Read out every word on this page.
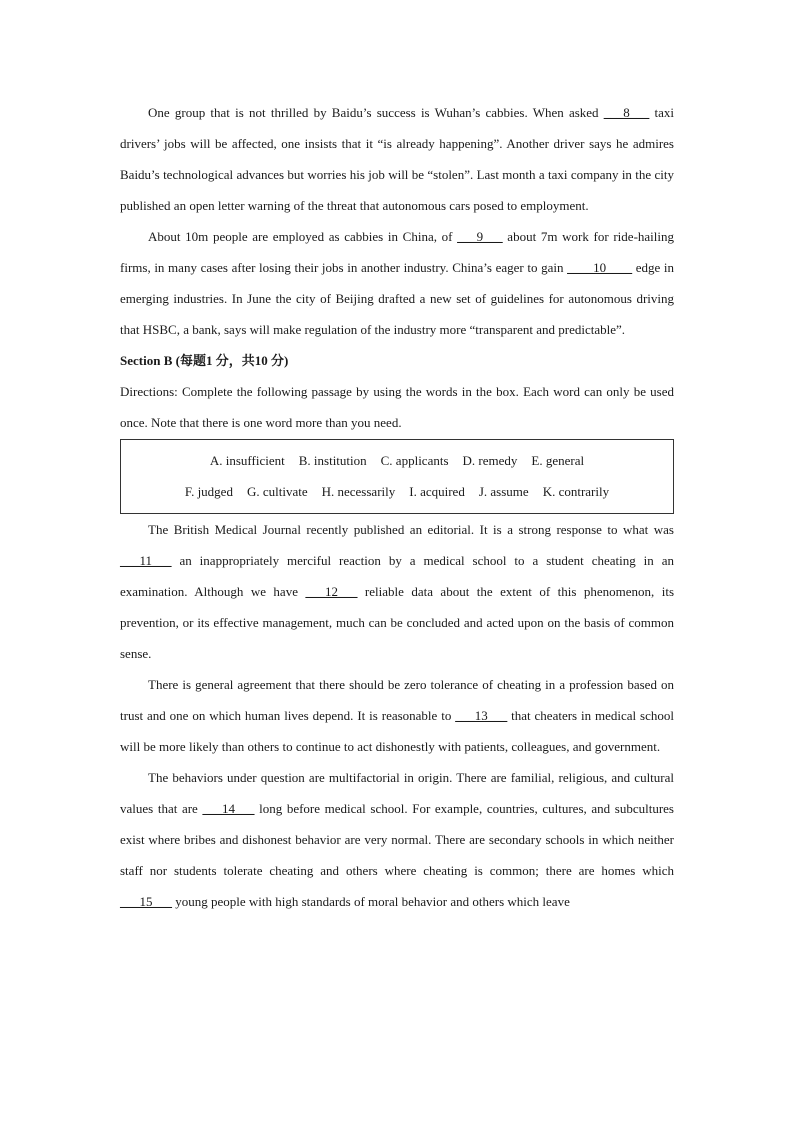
One group that is not thrilled by Baidu’s success is Wuhan’s cabbies. When asked ___8___ taxi drivers’ jobs will be affected, one insists that it “is already happening”. Another driver says he admires Baidu’s technological advances but worries his job will be “stolen”. Last month a taxi company in the city published an open letter warning of the threat that autonomous cars posed to employment.

About 10m people are employed as cabbies in China, of ___9___ about 7m work for ride-hailing firms, in many cases after losing their jobs in another industry. China’s eager to gain ____10____ edge in emerging industries. In June the city of Beijing drafted a new set of guidelines for autonomous driving that HSBC, a bank, says will make regulation of the industry more “transparent and predictable”.

Section B (每题1 分，共10 分)

Directions: Complete the following passage by using the words in the box. Each word can only be used once. Note that there is one word more than you need.

A. insufficient B. institution C. applicants D. remedy E. general
F. judged G. cultivate H. necessarily I. acquired J. assume K. contrarily

The British Medical Journal recently published an editorial. It is a strong response to what was ___11___ an inappropriately merciful reaction by a medical school to a student cheating in an examination. Although we have ___12___ reliable data about the extent of this phenomenon, its prevention, or its effective management, much can be concluded and acted upon on the basis of common sense.

There is general agreement that there should be zero tolerance of cheating in a profession based on trust and one on which human lives depend. It is reasonable to ___13___ that cheaters in medical school will be more likely than others to continue to act dishonestly with patients, colleagues, and government.

The behaviors under question are multifactorial in origin. There are familial, religious, and cultural values that are ___14___ long before medical school. For example, countries, cultures, and subcultures exist where bribes and dishonest behavior are very normal. There are secondary schools in which neither staff nor students tolerate cheating and others where cheating is common; there are homes which ___15___ young people with high standards of moral behavior and others which leave
